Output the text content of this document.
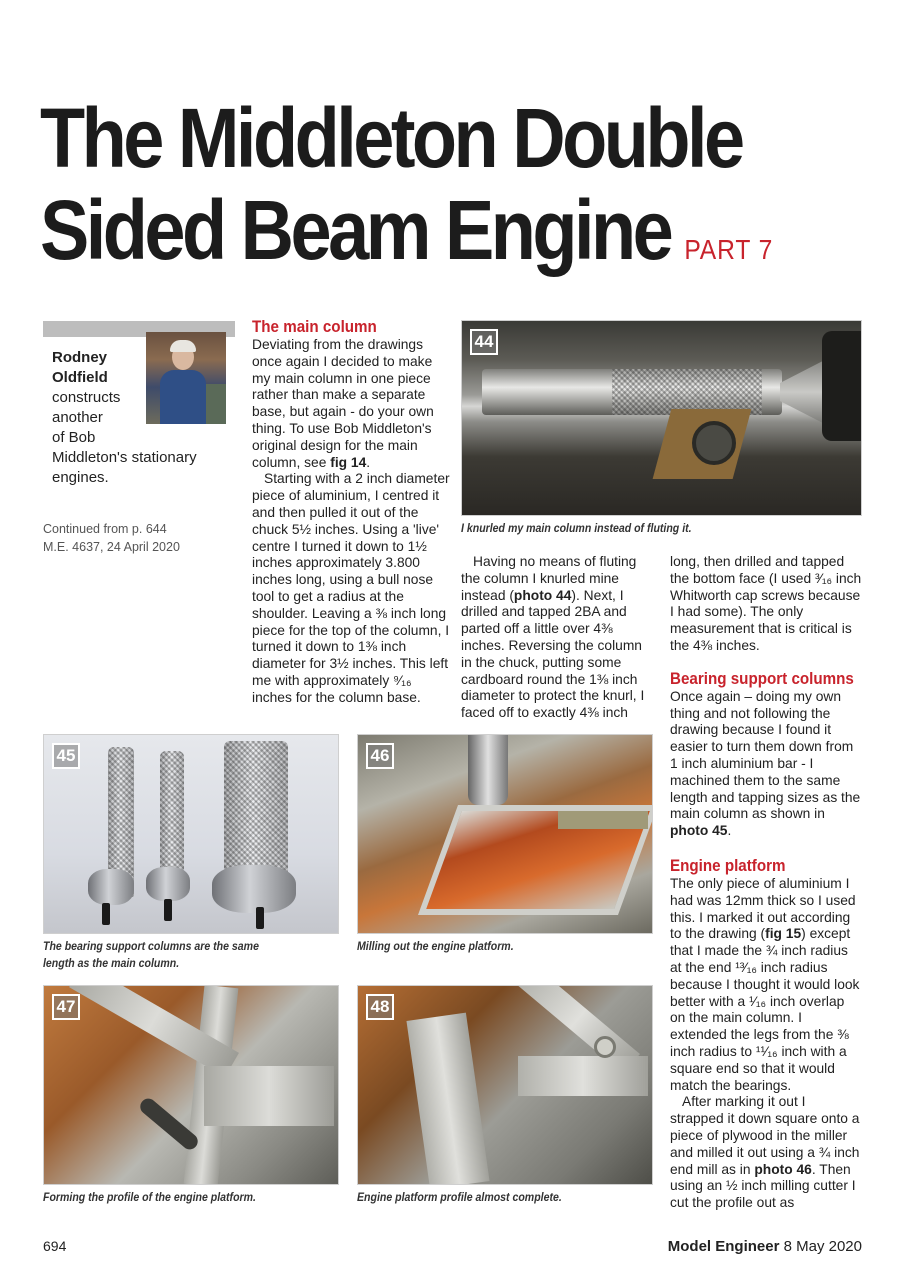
The Middleton Double
Sided Beam Engine PART 7
Rodney
Oldfield
constructs
another
of Bob
Middleton's stationary
engines.
Continued from p. 644
M.E. 4637, 24 April 2020
The main column

Deviating from the drawings once again I decided to make my main column in one piece rather than make a separate base, but again - do your own thing. To use Bob Middleton's original design for the main column, see fig 14.

Starting with a 2 inch diameter piece of aluminium, I centred it and then pulled it out of the chuck 5½ inches. Using a 'live' centre I turned it down to 1½ inches approximately 3.800 inches long, using a bull nose tool to get a radius at the shoulder. Leaving a ⅜ inch long piece for the top of the column, I turned it down to 1⅜ inch diameter for 3½ inches. This left me with approximately ⁹⁄₁₆ inches for the column base.

44
I knurled my main column instead of fluting it.

Having no means of fluting the column I knurled mine instead (photo 44). Next, I drilled and tapped 2BA and parted off a little over 4⅜ inches. Reversing the column in the chuck, putting some cardboard round the 1⅜ inch diameter to protect the knurl, I faced off to exactly 4⅜ inch

long, then drilled and tapped the bottom face (I used ³⁄₁₆ inch Whitworth cap screws because I had some). The only measurement that is critical is the 4⅜ inches.

Bearing support columns

Once again – doing my own thing and not following the drawing because I found it easier to turn them down from 1 inch aluminium bar - I machined them to the same length and tapping sizes as the main column as shown in photo 45.

Engine platform

The only piece of aluminium I had was 12mm thick so I used this. I marked it out according to the drawing (fig 15) except that I made the ¾ inch radius at the end ¹³⁄₁₆ inch radius because I thought it would look better with a ¹⁄₁₆ inch overlap on the main column. I extended the legs from the ⅜ inch radius to ¹¹⁄₁₆ inch with a square end so that it would match the bearings.

After marking it out I strapped it down square onto a piece of plywood in the miller and milled it out using a ¾ inch end mill as in photo 46. Then using an ½ inch milling cutter I cut the profile out as

45
The bearing support columns are the same
length as the main column.
46
Milling out the engine platform.
47
Forming the profile of the engine platform.
48
Engine platform profile almost complete.
694	Model Engineer 8 May 2020
